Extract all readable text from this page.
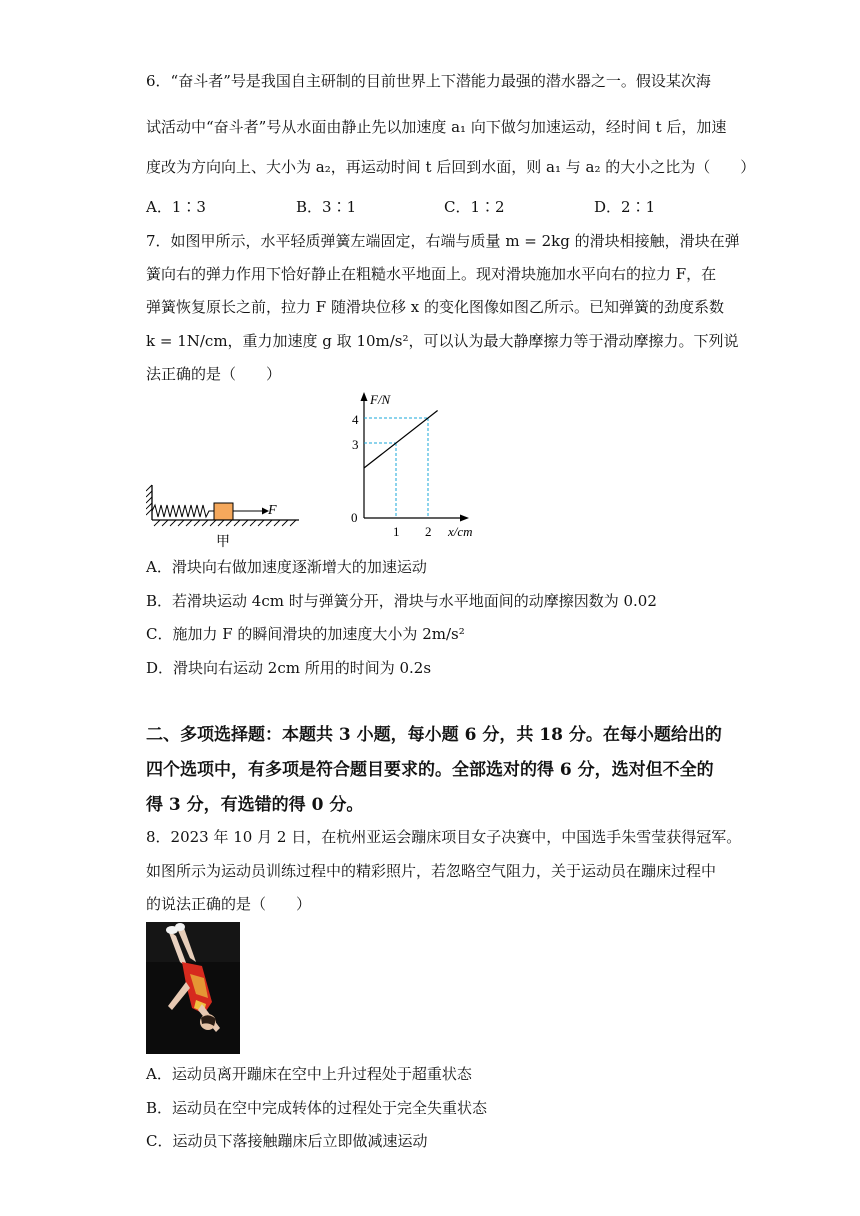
6．“奋斗者”号是我国自主研制的目前世界上下潜能力最强的潜水器之一。假设某次海
试活动中“奋斗者”号从水面由静止先以加速度 a₁ 向下做匀加速运动，经时间 t 后，加速
度改为方向向上、大小为 a₂，再运动时间 t 后回到水面，则 a₁ 与 a₂ 的大小之比为（　　）
A．1∶3	B．3∶1	C．1∶2	D．2∶1
7．如图甲所示，水平轻质弹簧左端固定，右端与质量 m = 2kg 的滑块相接触，滑块在弹
簧向右的弹力作用下恰好静止在粗糙水平地面上。现对滑块施加水平向右的拉力 F，在
弹簧恢复原长之前，拉力 F 随滑块位移 x 的变化图像如图乙所示。已知弹簧的劲度系数
k = 1N/cm，重力加速度 g 取 10m/s²，可以认为最大静摩擦力等于滑动摩擦力。下列说
法正确的是（　　）
F
甲
F/N
x/cm
0
4
3
1 2
A．滑块向右做加速度逐渐增大的加速运动
B．若滑块运动 4cm 时与弹簧分开，滑块与水平地面间的动摩擦因数为 0.02
C．施加力 F 的瞬间滑块的加速度大小为 2m/s²
D．滑块向右运动 2cm 所用的时间为 0.2s
二、多项选择题：本题共 3 小题，每小题 6 分，共 18 分。在每小题给出的
四个选项中，有多项是符合题目要求的。全部选对的得 6 分，选对但不全的
得 3 分，有选错的得 0 分。
8．2023 年 10 月 2 日，在杭州亚运会蹦床项目女子决赛中，中国选手朱雪莹获得冠军。
如图所示为运动员训练过程中的精彩照片，若忽略空气阻力，关于运动员在蹦床过程中
的说法正确的是（　　）
A．运动员离开蹦床在空中上升过程处于超重状态
B．运动员在空中完成转体的过程处于完全失重状态
C．运动员下落接触蹦床后立即做减速运动
